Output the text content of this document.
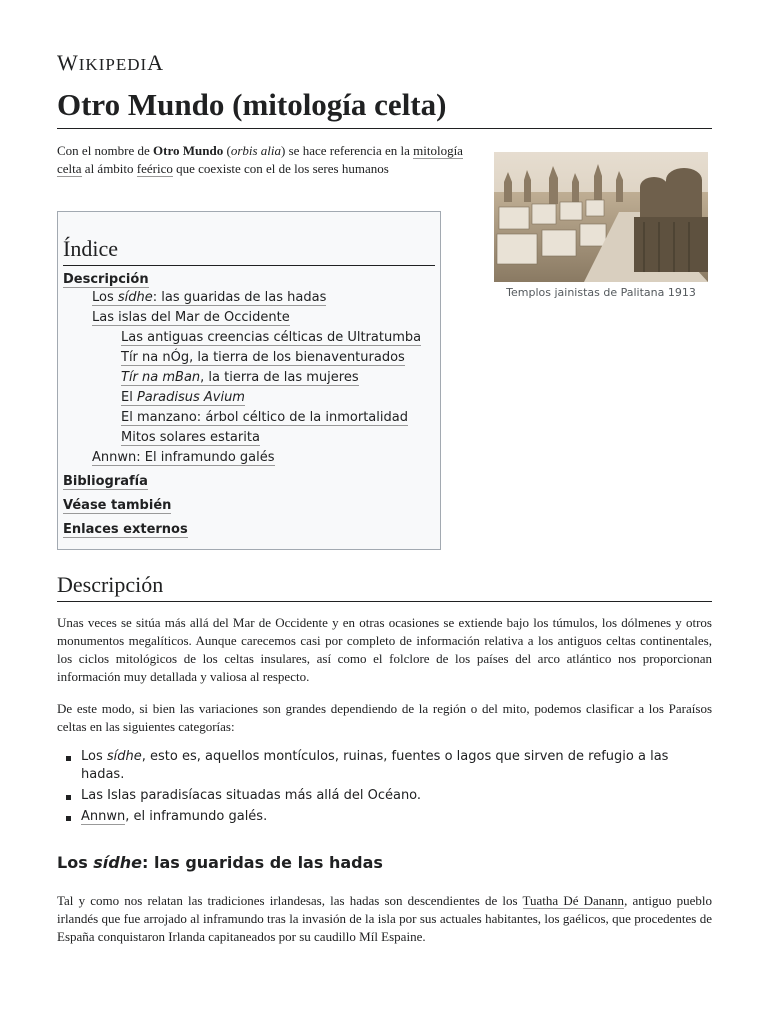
WIKIPEDIA
Otro Mundo (mitología celta)

Con el nombre de Otro Mundo (orbis alia) se hace referencia en la mitología celta al ámbito feérico que coexiste con el de los seres humanos

Templos jainistas de Palitana 1913
Índice
Descripción
Los sídhe: las guaridas de las hadas
Las islas del Mar de Occidente
Las antiguas creencias célticas de Ultratumba
Tír na nÓg, la tierra de los bienaventurados
Tír na mBan, la tierra de las mujeres
El Paradisus Avium
El manzano: árbol céltico de la inmortalidad
Mitos solares estarita
Annwn: El inframundo galés
Bibliografía
Véase también
Enlaces externos
Descripción

Unas veces se sitúa más allá del Mar de Occidente y en otras ocasiones se extiende bajo los túmulos, los dólmenes y otros monumentos megalíticos. Aunque carecemos casi por completo de información relativa a los antiguos celtas continentales, los ciclos mitológicos de los celtas insulares, así como el folclore de los países del arco atlántico nos proporcionan información muy detallada y valiosa al respecto.

De este modo, si bien las variaciones son grandes dependiendo de la región o del mito, podemos clasificar a los Paraísos celtas en las siguientes categorías:

Los sídhe, esto es, aquellos montículos, ruinas, fuentes o lagos que sirven de refugio a las hadas.
Las Islas paradisíacas situadas más allá del Océano.
Annwn, el inframundo galés.
Los sídhe: las guaridas de las hadas

Tal y como nos relatan las tradiciones irlandesas, las hadas son descendientes de los Tuatha Dé Danann, antiguo pueblo irlandés que fue arrojado al inframundo tras la invasión de la isla por sus actuales habitantes, los gaélicos, que procedentes de España conquistaron Irlanda capitaneados por su caudillo Míl Espaine.
